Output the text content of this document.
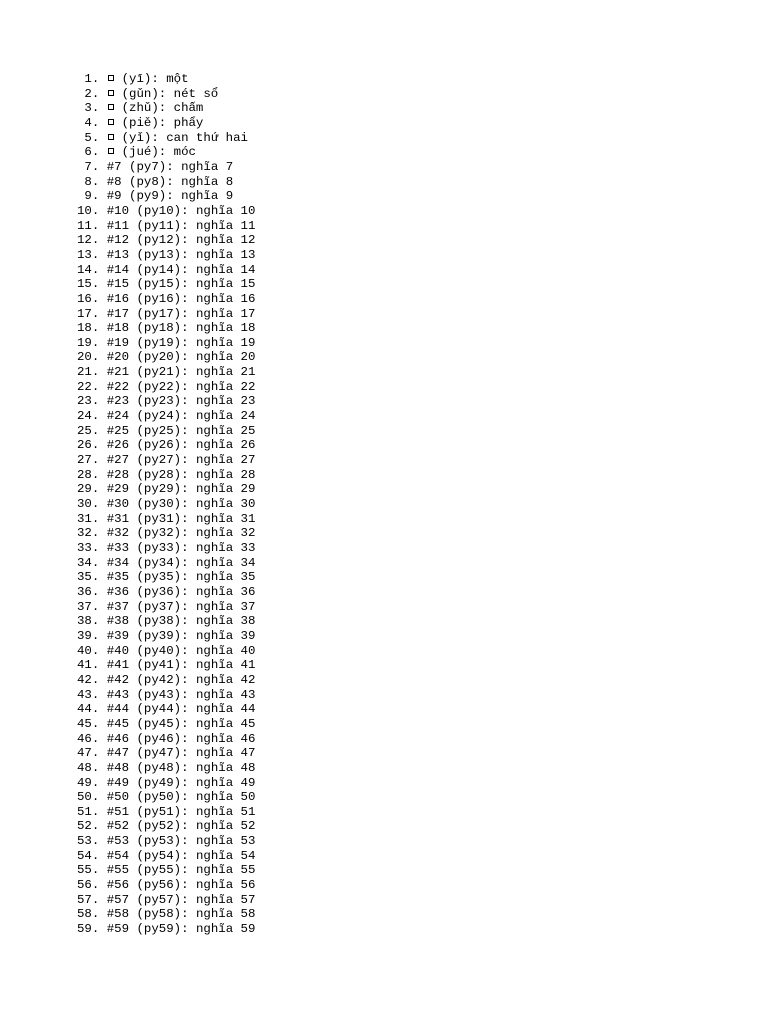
1.	(yī): một
2.	(gǔn): nét sổ
3.	(zhǔ): chấm
4.	(piě): phẩy
5.	(yǐ): can thứ hai
6.	(jué): móc
7. #7 (py7): nghĩa 7
8. #8 (py8): nghĩa 8
9. #9 (py9): nghĩa 9
10. #10 (py10): nghĩa 10
11. #11 (py11): nghĩa 11
12. #12 (py12): nghĩa 12
13. #13 (py13): nghĩa 13
14. #14 (py14): nghĩa 14
15. #15 (py15): nghĩa 15
16. #16 (py16): nghĩa 16
17. #17 (py17): nghĩa 17
18. #18 (py18): nghĩa 18
19. #19 (py19): nghĩa 19
20. #20 (py20): nghĩa 20
21. #21 (py21): nghĩa 21
22. #22 (py22): nghĩa 22
23. #23 (py23): nghĩa 23
24. #24 (py24): nghĩa 24
25. #25 (py25): nghĩa 25
26. #26 (py26): nghĩa 26
27. #27 (py27): nghĩa 27
28. #28 (py28): nghĩa 28
29. #29 (py29): nghĩa 29
30. #30 (py30): nghĩa 30
31. #31 (py31): nghĩa 31
32. #32 (py32): nghĩa 32
33. #33 (py33): nghĩa 33
34. #34 (py34): nghĩa 34
35. #35 (py35): nghĩa 35
36. #36 (py36): nghĩa 36
37. #37 (py37): nghĩa 37
38. #38 (py38): nghĩa 38
39. #39 (py39): nghĩa 39
40. #40 (py40): nghĩa 40
41. #41 (py41): nghĩa 41
42. #42 (py42): nghĩa 42
43. #43 (py43): nghĩa 43
44. #44 (py44): nghĩa 44
45. #45 (py45): nghĩa 45
46. #46 (py46): nghĩa 46
47. #47 (py47): nghĩa 47
48. #48 (py48): nghĩa 48
49. #49 (py49): nghĩa 49
50. #50 (py50): nghĩa 50
51. #51 (py51): nghĩa 51
52. #52 (py52): nghĩa 52
53. #53 (py53): nghĩa 53
54. #54 (py54): nghĩa 54
55. #55 (py55): nghĩa 55
56. #56 (py56): nghĩa 56
57. #57 (py57): nghĩa 57
58. #58 (py58): nghĩa 58
59. #59 (py59): nghĩa 59
